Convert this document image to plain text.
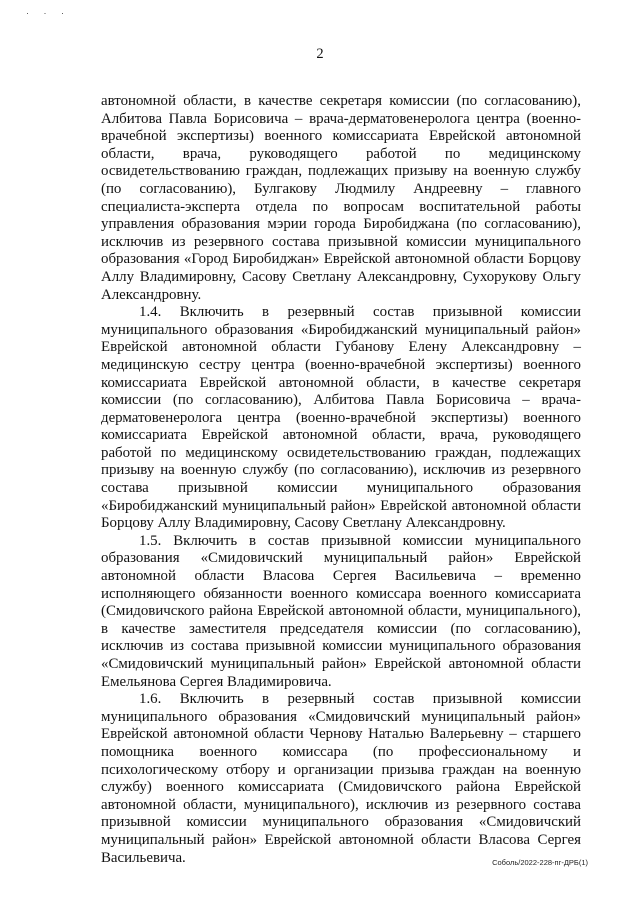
· · ·
2

автономной области, в качестве секретаря комиссии (по согласованию), Албитова Павла Борисовича – врача-дерматовенеролога центра (военно-врачебной экспертизы) военного комиссариата Еврейской автономной области, врача, руководящего работой по медицинскому освидетельствованию граждан, подлежащих призыву на военную службу (по согласованию), Булгакову Людмилу Андреевну – главного специалиста-эксперта отдела по вопросам воспитательной работы управления образования мэрии города Биробиджана (по согласованию), исключив из резервного состава призывной комиссии муниципального образования «Город Биробиджан» Еврейской автономной области Борцову Аллу Владимировну, Сасову Светлану Александровну, Сухорукову Ольгу Александровну.

1.4. Включить в резервный состав призывной комиссии муниципального образования «Биробиджанский муниципальный район» Еврейской автономной области Губанову Елену Александровну – медицинскую сестру центра (военно-врачебной экспертизы) военного комиссариата Еврейской автономной области, в качестве секретаря комиссии (по согласованию), Албитова Павла Борисовича – врача-дерматовенеролога центра (военно-врачебной экспертизы) военного комиссариата Еврейской автономной области, врача, руководящего работой по медицинскому освидетельствованию граждан, подлежащих призыву на военную службу (по согласованию), исключив из резервного состава призывной комиссии муниципального образования «Биробиджанский муниципальный район» Еврейской автономной области Борцову Аллу Владимировну, Сасову Светлану Александровну.

1.5. Включить в состав призывной комиссии муниципального образования «Смидовичский муниципальный район» Еврейской автономной области Власова Сергея Васильевича – временно исполняющего обязанности военного комиссара военного комиссариата (Смидовичского района Еврейской автономной области, муниципального), в качестве заместителя председателя комиссии (по согласованию), исключив из состава призывной комиссии муниципального образования «Смидовичский муниципальный район» Еврейской автономной области Емельянова Сергея Владимировича.

1.6. Включить в резервный состав призывной комиссии муниципального образования «Смидовичский муниципальный район» Еврейской автономной области Чернову Наталью Валерьевну – старшего помощника военного комиссара (по профессиональному и психологическому отбору и организации призыва граждан на военную службу) военного комиссариата (Смидовичского района Еврейской автономной области, муниципального), исключив из резервного состава призывной комиссии муниципального образования «Смидовичский муниципальный район» Еврейской автономной области Власова Сергея Васильевича.	Соболь/2022-228-пг-ДРБ(1)
